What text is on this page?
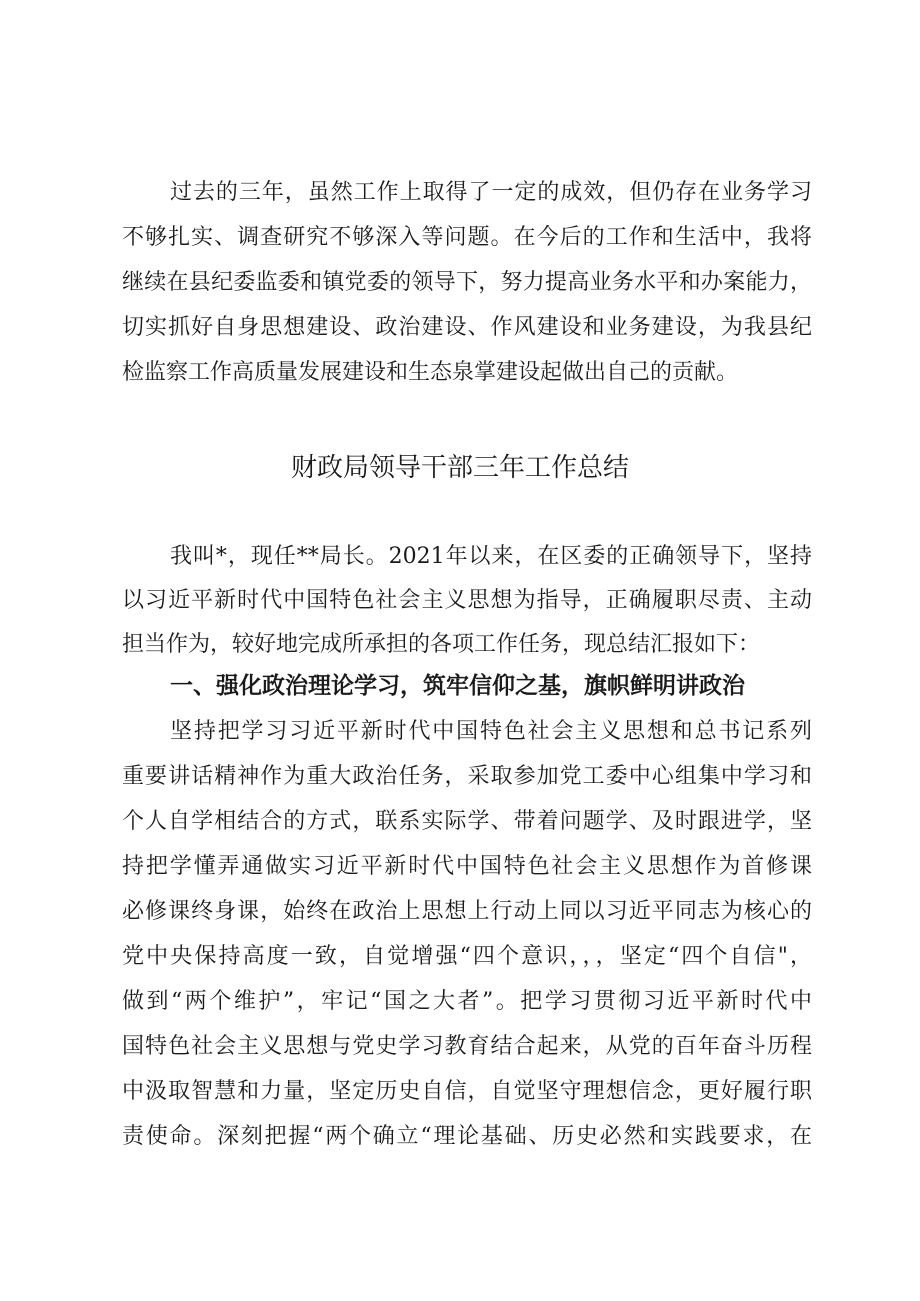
过去的三年，虽然工作上取得了一定的成效，但仍存在业务学习
不够扎实、调查研究不够深入等问题。在今后的工作和生活中，我将
继续在县纪委监委和镇党委的领导下，努力提高业务水平和办案能力，
切实抓好自身思想建设、政治建设、作风建设和业务建设，为我县纪
检监察工作高质量发展建设和生态泉掌建设起做出自己的贡献。
财政局领导干部三年工作总结
我叫*，现任**局长。2021年以来，在区委的正确领导下，坚持
以习近平新时代中国特色社会主义思想为指导，正确履职尽责、主动
担当作为，较好地完成所承担的各项工作任务，现总结汇报如下：
一、强化政治理论学习，筑牢信仰之基，旗帜鲜明讲政治
坚持把学习习近平新时代中国特色社会主义思想和总书记系列
重要讲话精神作为重大政治任务，采取参加党工委中心组集中学习和
个人自学相结合的方式，联系实际学、带着问题学、及时跟进学，坚
持把学懂弄通做实习近平新时代中国特色社会主义思想作为首修课
必修课终身课，始终在政治上思想上行动上同以习近平同志为核心的
党中央保持高度一致，自觉增强“四个意识，，，坚定“四个自信"，
做到“两个维护”，牢记“国之大者”。把学习贯彻习近平新时代中
国特色社会主义思想与党史学习教育结合起来，从党的百年奋斗历程
中汲取智慧和力量，坚定历史自信，自觉坚守理想信念，更好履行职
责使命。深刻把握“两个确立“理论基础、历史必然和实践要求，在
